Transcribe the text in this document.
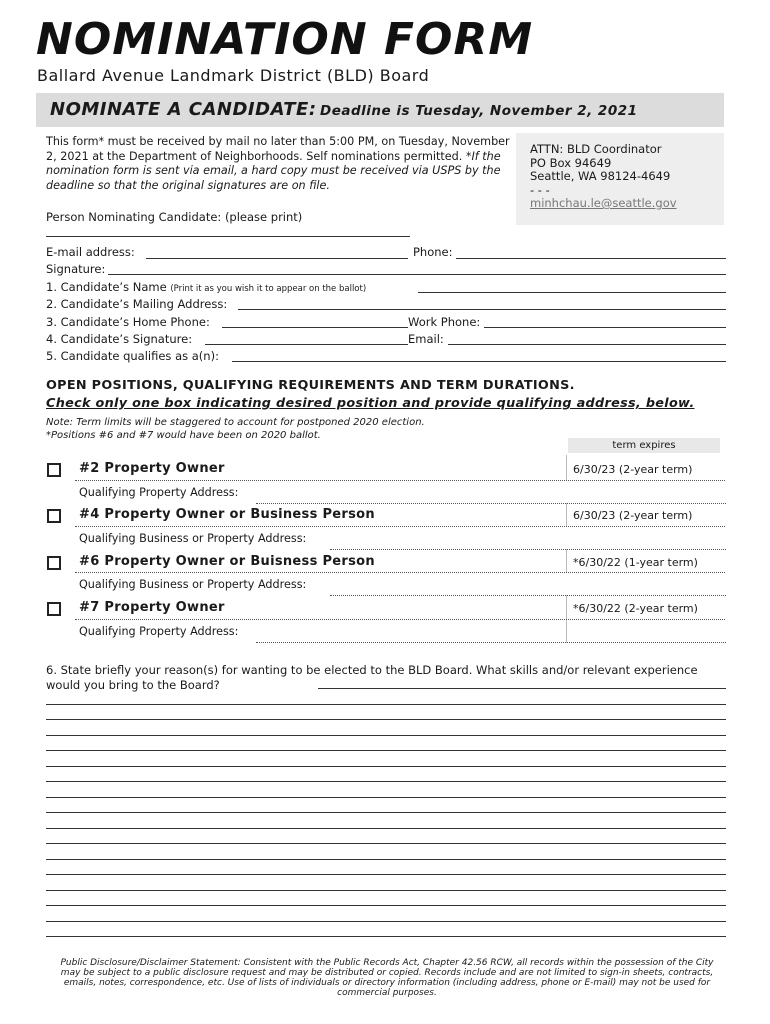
NOMINATION FORM
Ballard Avenue Landmark District (BLD) Board
NOMINATE A CANDIDATE: Deadline is Tuesday, November 2, 2021
This form* must be received by mail no later than 5:00 PM, on Tuesday, November 2, 2021 at the Department of Neighborhoods. Self nominations permitted. *If the nomination form is sent via email, a hard copy must be received via USPS by the deadline so that the original signatures are on file.
ATTN: BLD Coordinator
PO Box 94649
Seattle, WA 98124-4649
- - -
minhchau.le@seattle.gov
Person Nominating Candidate: (please print)
E-mail address:	Phone:
Signature:
1. Candidate’s Name (Print it as you wish it to appear on the ballot)
2. Candidate’s Mailing Address:
3. Candidate’s Home Phone:	Work Phone:
4. Candidate’s Signature:	Email:
5. Candidate qualifies as a(n):
OPEN POSITIONS, QUALIFYING REQUIREMENTS AND TERM DURATIONS.
Check only one box indicating desired position and provide qualifying address, below.
Note: Term limits will be staggered to account for postponed 2020 election.
*Positions #6 and #7 would have been on 2020 ballot.
term expires
#2 Property Owner	6/30/23 (2-year term)
Qualifying Property Address:
#4 Property Owner or Business Person	6/30/23 (2-year term)
Qualifying Business or Property Address:
#6 Property Owner or Buisness Person	*6/30/22 (1-year term)
Qualifying Business or Property Address:
#7 Property Owner	*6/30/22 (2-year term)
Qualifying Property Address:
6. State briefly your reason(s) for wanting to be elected to the BLD Board. What skills and/or relevant experience would you bring to the Board?
Public Disclosure/Disclaimer Statement: Consistent with the Public Records Act, Chapter 42.56 RCW, all records within the possession of the City may be subject to a public disclosure request and may be distributed or copied. Records include and are not limited to sign-in sheets, contracts, emails, notes, correspondence, etc. Use of lists of individuals or directory information (including address, phone or E-mail) may not be used for commercial purposes.
